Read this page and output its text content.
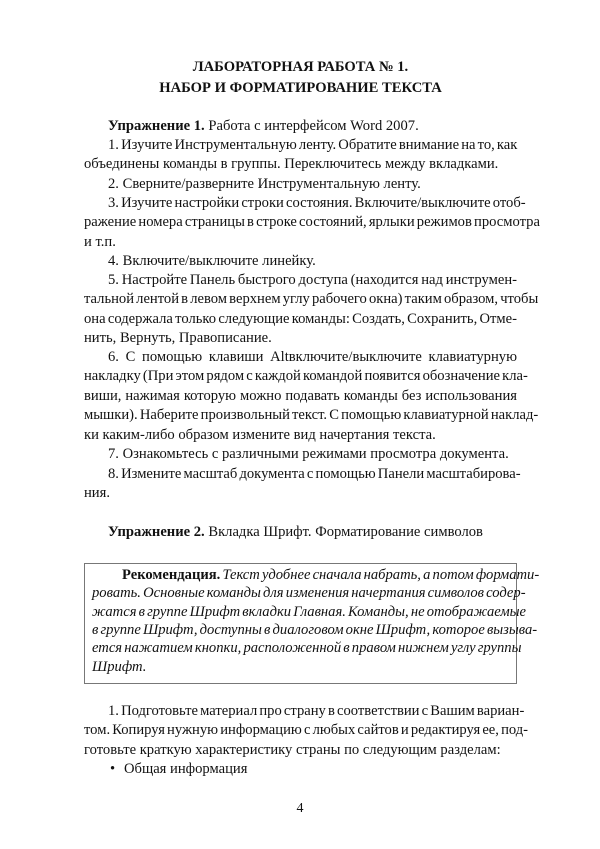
ЛАБОРАТОРНАЯ РАБОТА № 1.
НАБОР И ФОРМАТИРОВАНИЕ ТЕКСТА
4
Упражнение 1. Работа с интерфейсом Word 2007.
1. Изучите Инструментальную ленту. Обратите внимание на то, как
объединены команды в группы. Переключитесь между вкладками.
2. Сверните/разверните Инструментальную ленту.
3. Изучите настройки строки состояния. Включите/выключите отоб-
ражение номера страницы в строке состояний, ярлыки режимов просмотра
и т.п.
4. Включите/выключите линейку.
5. Настройте Панель быстрого доступа (находится над инструмен-
тальной лентой в левом верхнем углу рабочего окна) таким образом, чтобы
она содержала только следующие команды: Создать, Сохранить, Отме-
нить, Вернуть, Правописание.
6. С помощью клавиши Altвключите/выключите клавиатурную
накладку (При этом рядом с каждой командой появится обозначение кла-
виши, нажимая которую можно подавать команды без использования
мышки). Наберите произвольный текст. С помощью клавиатурной наклад-
ки каким-либо образом измените вид начертания текста.
7. Ознакомьтесь с различными режимами просмотра документа.
8. Измените масштаб документа с помощью Панели масштабирова-
ния.
Упражнение 2. Вкладка Шрифт. Форматирование символов
1. Подготовьте материал про страну в соответствии с Вашим вариан-
том. Копируя нужную информацию с любых сайтов и редактируя ее, под-
готовьте краткую характеристику страны по следующим разделам:
Рекомендация. Текст удобнее сначала набрать, а потом формати-
ровать. Основные команды для изменения начертания символов содер-
жатся в группе Шрифт вкладки Главная. Команды, не отображаемые
в группе Шрифт, доступны в диалоговом окне Шрифт, которое вызыва-
ется нажатием кнопки, расположенной в правом нижнем углу группы
Шрифт.
• Общая информация
